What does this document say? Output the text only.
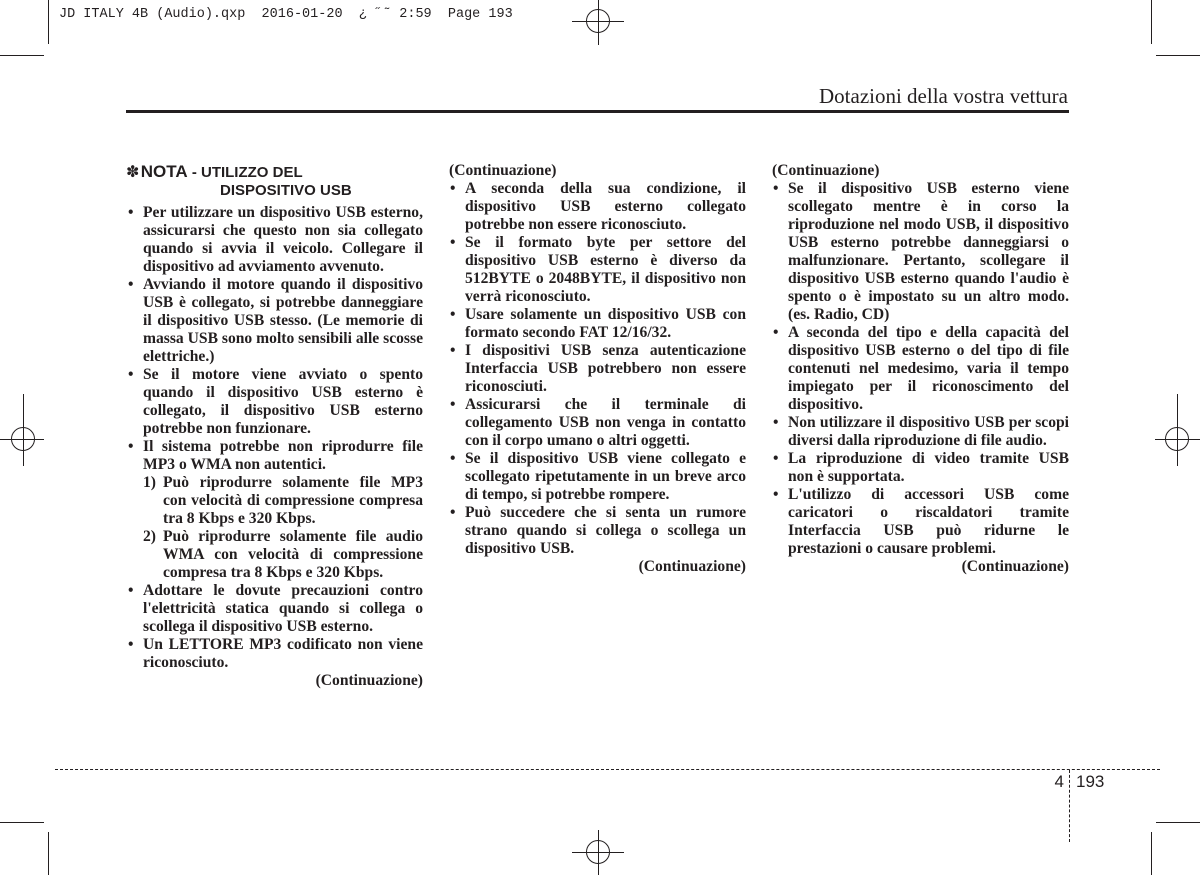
JD ITALY 4B (Audio).qxp  2016-01-20  ¿ ˝˜ 2:59  Page 193
Dotazioni della vostra vettura
✽ NOTA - UTILIZZO DEL
DISPOSITIVO USB
• Per utilizzare un dispositivo USB esterno, assicurarsi che questo non sia collegato quando si avvia il veicolo. Collegare il dispositivo ad avviamento avvenuto.
• Avviando il motore quando il dispositivo USB è collegato, si potrebbe danneggiare il dispositivo USB stesso. (Le memorie di massa USB sono molto sensibili alle scosse elettriche.)
• Se il motore viene avviato o spento quando il dispositivo USB esterno è collegato, il dispositivo USB esterno potrebbe non funzionare.
• Il sistema potrebbe non riprodurre file MP3 o WMA non autentici.
1) Può riprodurre solamente file MP3 con velocità di compressione compresa tra 8 Kbps e 320 Kbps.
2) Può riprodurre solamente file audio WMA con velocità di compressione compresa tra 8 Kbps e 320 Kbps.
• Adottare le dovute precauzioni contro l'elettricità statica quando si collega o scollega il dispositivo USB esterno.
• Un LETTORE MP3 codificato non viene riconosciuto.
(Continuazione)
(Continuazione)
• A seconda della sua condizione, il dispositivo USB esterno collegato potrebbe non essere riconosciuto.
• Se il formato byte per settore del dispositivo USB esterno è diverso da 512BYTE o 2048BYTE, il dispositivo non verrà riconosciuto.
• Usare solamente un dispositivo USB con formato secondo FAT 12/16/32.
• I dispositivi USB senza autenticazione Interfaccia USB potrebbero non essere riconosciuti.
• Assicurarsi che il terminale di collegamento USB non venga in contatto con il corpo umano o altri oggetti.
• Se il dispositivo USB viene collegato e scollegato ripetutamente in un breve arco di tempo, si potrebbe rompere.
• Può succedere che si senta un rumore strano quando si collega o scollega un dispositivo USB.
(Continuazione)
(Continuazione)
• Se il dispositivo USB esterno viene scollegato mentre è in corso la riproduzione nel modo USB, il dispositivo USB esterno potrebbe danneggiarsi o malfunzionare. Pertanto, scollegare il dispositivo USB esterno quando l'audio è spento o è impostato su un altro modo. (es. Radio, CD)
• A seconda del tipo e della capacità del dispositivo USB esterno o del tipo di file contenuti nel medesimo, varia il tempo impiegato per il riconoscimento del dispositivo.
• Non utilizzare il dispositivo USB per scopi diversi dalla riproduzione di file audio.
• La riproduzione di video tramite USB non è supportata.
• L'utilizzo di accessori USB come caricatori o riscaldatori tramite Interfaccia USB può ridurne le prestazioni o causare problemi.
(Continuazione)
4 193
